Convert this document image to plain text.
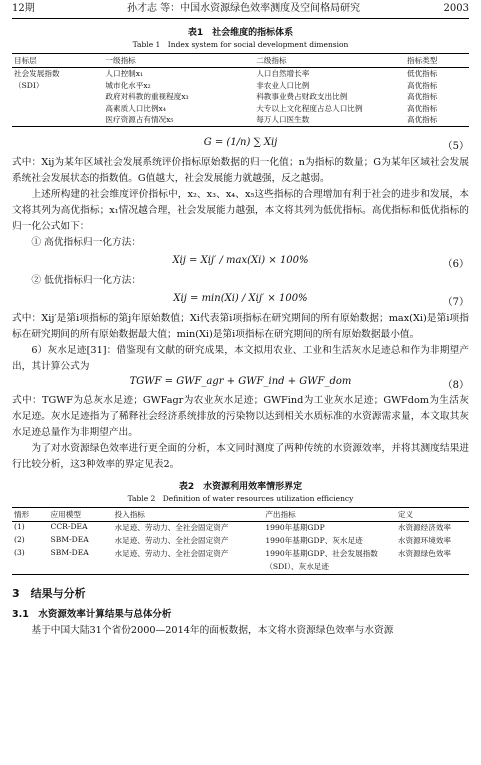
12期	孙才志 等：中国水资源绿色效率测度及空间格局研究	2003
表1　社会维度的指标体系
Table 1　Index system for social development dimension
目标层	一级指标	二级指标	指标类型
社会发展指数	人口控制x₁	人口自然增长率	低优指标
（SDI）	城市化水平x₂	非农业人口比例	高优指标
	政府对科教的重视程度x₃	科教事业费占财政支出比例	高优指标
	高素质人口比例x₄	大专以上文化程度占总人口比例	高优指标
	医疗资源占有情况x₅	每万人口医生数	高优指标
G = (1/n) ∑ Xij	（5）

式中：Xij为某年区域社会发展系统评价指标原始数据的归一化值；n为指标的数量；G为某年区域社会发展系统社会发展状态的指数值。G值越大，社会发展能力就越强，反之越弱。

上述所构建的社会维度评价指标中，x₂、x₃、x₄、x₅这些指标的合理增加有利于社会的进步和发展，本文将其列为高优指标；x₁情况越合理，社会发展能力越强，本文将其列为低优指标。高优指标和低优指标的归一化公式如下：

① 高优指标归一化方法：

Xij = Xij′ / max(Xi) × 100%	（6）

② 低优指标归一化方法：

Xij = min(Xi) / Xij′ × 100%	（7）

式中：Xij′是第i项指标的第j年原始数值；Xi代表第i项指标在研究期间的所有原始数据；max(Xi)是第i项指标在研究期间的所有原始数据最大值；min(Xi)是第i项指标在研究期间的所有原始数据最小值。

6）灰水足迹[31]：借鉴现有文献的研究成果，本文拟用农业、工业和生活灰水足迹总和作为非期望产出，其计算公式为

TGWF = GWF_agr + GWF_ind + GWF_dom	（8）

式中：TGWF为总灰水足迹；GWFagr为农业灰水足迹；GWFind为工业灰水足迹；GWFdom为生活灰水足迹。灰水足迹指为了稀释社会经济系统排放的污染物以达到相关水质标准的水资源需求量，本文取其灰水足迹总量作为非期望产出。

为了对水资源绿色效率进行更全面的分析，本文同时测度了两种传统的水资源效率，并将其测度结果进行比较分析，这3种效率的界定见表2。

表2　水资源利用效率情形界定
Table 2　Definition of water resources utilization efficiency
情形	应用模型	投入指标	产出指标	定义
(1)	CCR-DEA	水足迹、劳动力、全社会固定资产	1990年基期GDP	水资源经济效率
(2)	SBM-DEA	水足迹、劳动力、全社会固定资产	1990年基期GDP、灰水足迹	水资源环境效率
(3)	SBM-DEA	水足迹、劳动力、全社会固定资产	1990年基期GDP、社会发展指数	水资源绿色效率
			（SDI）、灰水足迹	
3　结果与分析
3.1　水资源效率计算结果与总体分析

基于中国大陆31个省份2000—2014年的面板数据，本文将水资源绿色效率与水资源
